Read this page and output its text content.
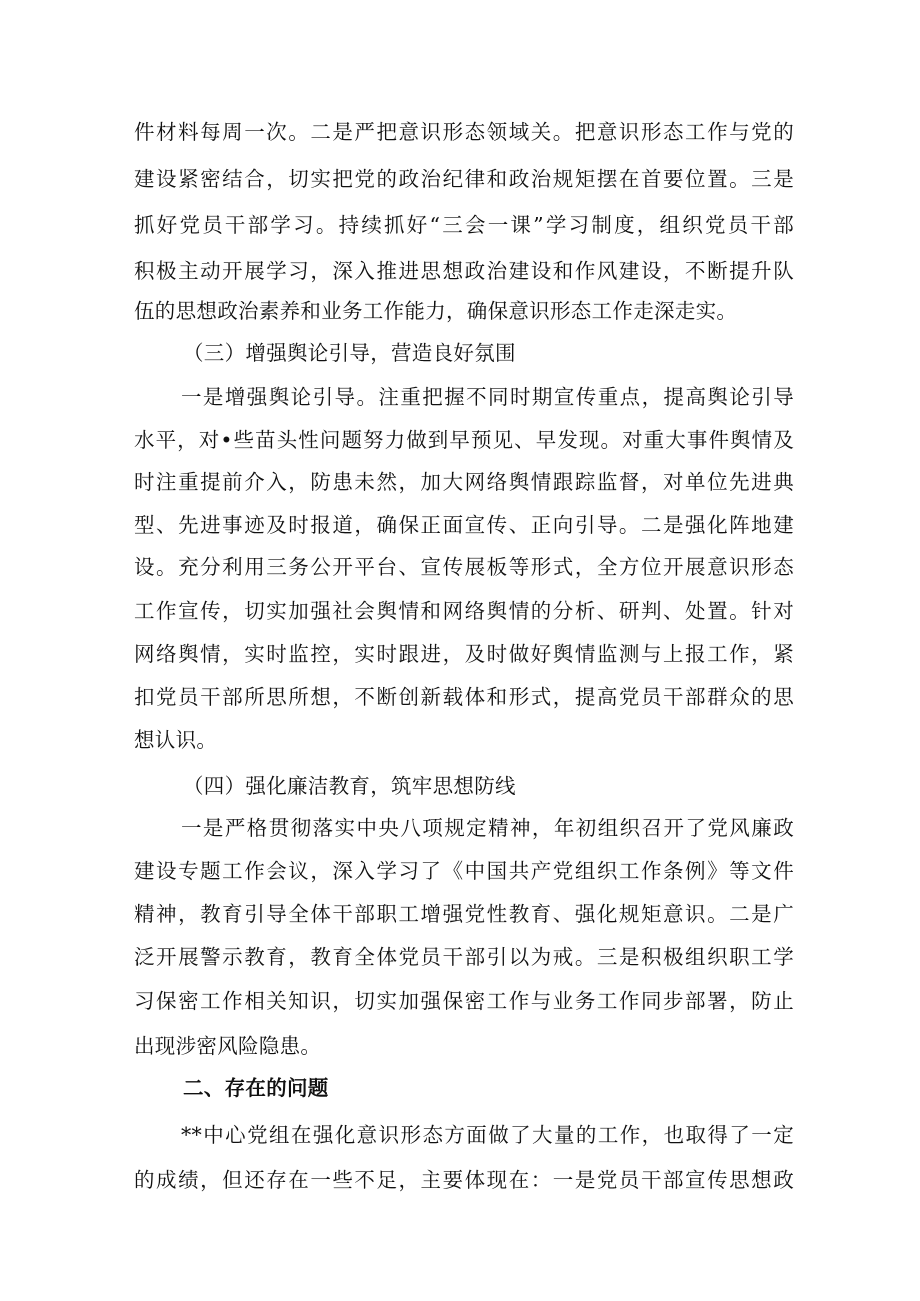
件材料每周一次。二是严把意识形态领域关。把意识形态工作与党的
建设紧密结合，切实把党的政治纪律和政治规矩摆在首要位置。三是
抓好党员干部学习。持续抓好“三会一课”学习制度，组织党员干部
积极主动开展学习，深入推进思想政治建设和作风建设，不断提升队
伍的思想政治素养和业务工作能力，确保意识形态工作走深走实。
（三）增强舆论引导，营造良好氛围
一是增强舆论引导。注重把握不同时期宣传重点，提高舆论引导
水平，对•些苗头性问题努力做到早预见、早发现。对重大事件舆情及
时注重提前介入，防患未然，加大网络舆情跟踪监督，对单位先进典
型、先进事迹及时报道，确保正面宣传、正向引导。二是强化阵地建
设。充分利用三务公开平台、宣传展板等形式，全方位开展意识形态
工作宣传，切实加强社会舆情和网络舆情的分析、研判、处置。针对
网络舆情，实时监控，实时跟进，及时做好舆情监测与上报工作，紧
扣党员干部所思所想，不断创新载体和形式，提高党员干部群众的思
想认识。
（四）强化廉洁教育，筑牢思想防线
一是严格贯彻落实中央八项规定精神，年初组织召开了党风廉政
建设专题工作会议，深入学习了《中国共产党组织工作条例》等文件
精神，教育引导全体干部职工增强党性教育、强化规矩意识。二是广
泛开展警示教育，教育全体党员干部引以为戒。三是积极组织职工学
习保密工作相关知识，切实加强保密工作与业务工作同步部署，防止
出现涉密风险隐患。
二、存在的问题
**中心党组在强化意识形态方面做了大量的工作，也取得了一定
的成绩，但还存在一些不足，主要体现在：一是党员干部宣传思想政
